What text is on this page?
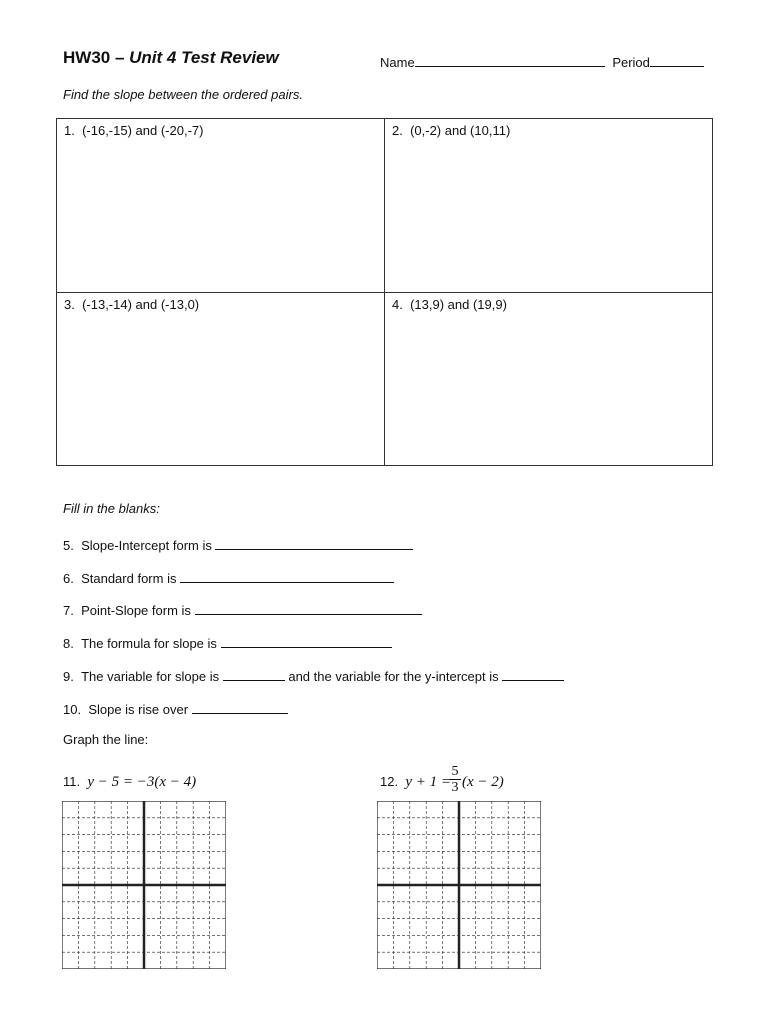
HW30 – Unit 4 Test Review	Name	Period
Find the slope between the ordered pairs.
1. (-16,-15) and (-20,-7)	2. (0,-2) and (10,11)
3. (-13,-14) and (-13,0)	4. (13,9) and (19,9)
Fill in the blanks:
5. Slope-Intercept form is
6. Standard form is
7. Point-Slope form is
8. The formula for slope is
9. The variable for slope is	and the variable for the y-intercept is
10. Slope is rise over
Graph the line:
11. y − 5 = −3(x − 4)	12. y + 1 =
$\frac{5}{3} (x - 2)$
